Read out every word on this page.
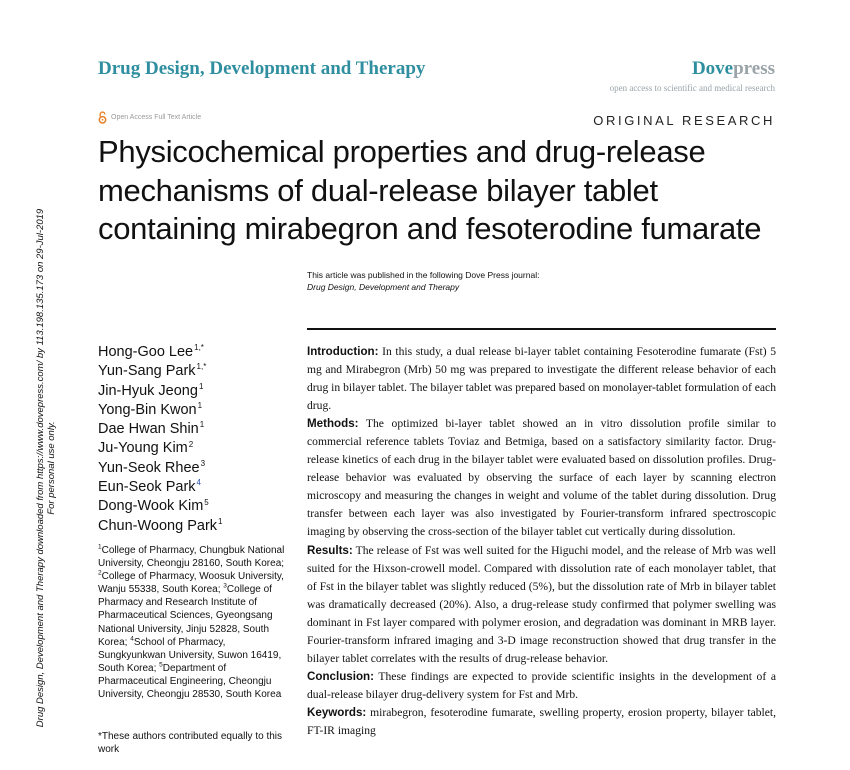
Drug Design, Development and Therapy	Dovepress
open access to scientific and medical research
Open Access Full Text Article	ORIGINAL RESEARCH
Physicochemical properties and drug-release mechanisms of dual-release bilayer tablet containing mirabegron and fesoterodine fumarate
This article was published in the following Dove Press journal:
Drug Design, Development and Therapy
Hong-Goo Lee$^{1,*}$
Yun-Sang Park$^{1,*}$
Jin-Hyuk Jeong$^1$
Yong-Bin Kwon$^1$
Dae Hwan Shin$^1$
Ju-Young Kim$^2$
Yun-Seok Rhee$^3$
Eun-Seok Park$^4$
Dong-Wook Kim$^5$
Chun-Woong Park$^1$
$^1$College of Pharmacy, Chungbuk National University, Cheongju 28160, South Korea; $^2$College of Pharmacy, Woosuk University, Wanju 55338, South Korea; $^3$College of Pharmacy and Research Institute of Pharmaceutical Sciences, Gyeongsang National University, Jinju 52828, South Korea; $^4$School of Pharmacy, Sungkyunkwan University, Suwon 16419, South Korea; $^5$Department of Pharmaceutical Engineering, Cheongju University, Cheongju 28530, South Korea
*These authors contributed equally to this work

Introduction: In this study, a dual release bi-layer tablet containing Fesoterodine fumarate (Fst) 5 mg and Mirabegron (Mrb) 50 mg was prepared to investigate the different release behavior of each drug in bilayer tablet. The bilayer tablet was prepared based on monolayer-tablet formulation of each drug.

Methods: The optimized bi-layer tablet showed an in vitro dissolution profile similar to commercial reference tablets Toviaz and Betmiga, based on a satisfactory similarity factor. Drug-release kinetics of each drug in the bilayer tablet were evaluated based on dissolution profiles. Drug-release behavior was evaluated by observing the surface of each layer by scanning electron microscopy and measuring the changes in weight and volume of the tablet during dissolution. Drug transfer between each layer was also investigated by Fourier-transform infrared spectroscopic imaging by observing the cross-section of the bilayer tablet cut vertically during dissolution.

Results: The release of Fst was well suited for the Higuchi model, and the release of Mrb was well suited for the Hixson-crowell model. Compared with dissolution rate of each monolayer tablet, that of Fst in the bilayer tablet was slightly reduced (5%), but the dissolution rate of Mrb in bilayer tablet was dramatically decreased (20%). Also, a drug-release study confirmed that polymer swelling was dominant in Fst layer compared with polymer erosion, and degradation was dominant in MRB layer. Fourier-transform infrared imaging and 3-D image reconstruction showed that drug transfer in the bilayer tablet correlates with the results of drug-release behavior.

Conclusion: These findings are expected to provide scientific insights in the development of a dual-release bilayer drug-delivery system for Fst and Mrb.

Keywords: mirabegron, fesoterodine fumarate, swelling property, erosion property, bilayer tablet, FT-IR imaging

Drug Design, Development and Therapy downloaded from https://www.dovepress.com/ by 113.198.135.173 on 29-Jul-2019 For personal use only.
